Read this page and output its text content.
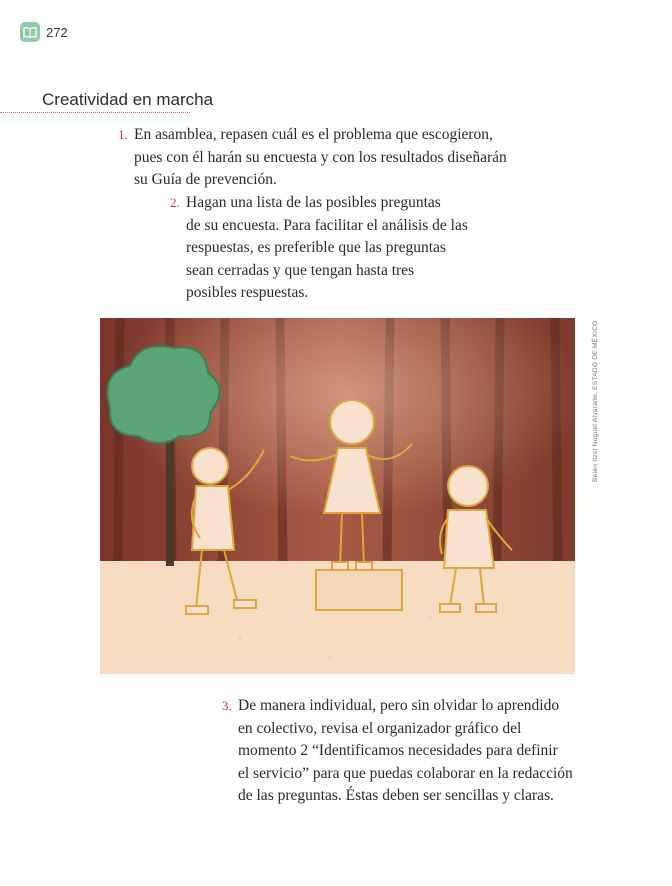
272
Creatividad en marcha
1. En asamblea, repasen cuál es el problema que escogieron,
pues con él harán su encuesta y con los resultados diseñarán
su Guía de prevención.
2. Hagan una lista de las posibles preguntas
de su encuesta. Para facilitar el análisis de las
respuestas, es preferible que las preguntas
sean cerradas y que tengan hasta tres
posibles respuestas.
Belén Itzel Noguel Alvarado, ESTADO DE MÉXICO
3. De manera individual, pero sin olvidar lo aprendido
en colectivo, revisa el organizador gráfico del
momento 2 “Identificamos necesidades para definir
el servicio” para que puedas colaborar en la redacción
de las preguntas. Éstas deben ser sencillas y claras.
